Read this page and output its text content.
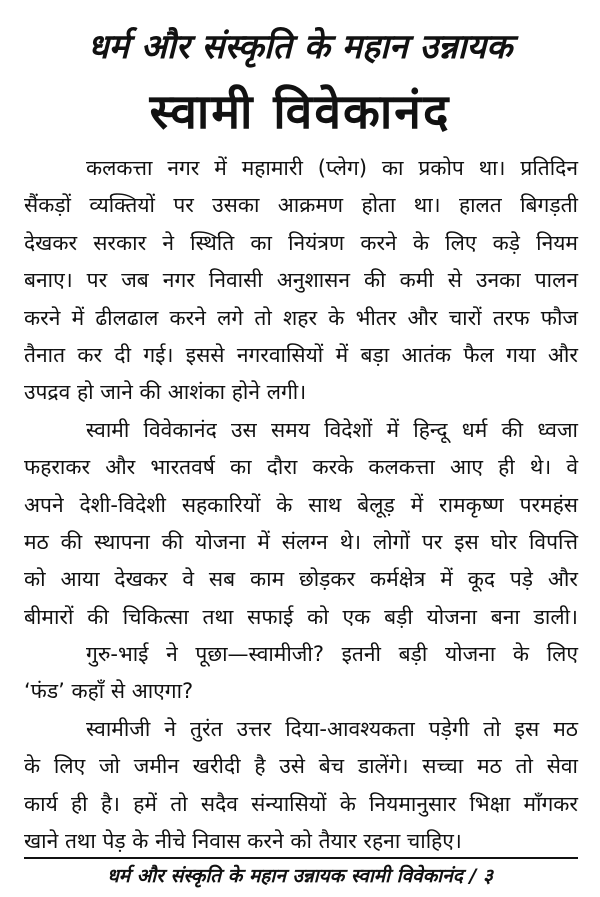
धर्म और संस्कृति के महान उन्नायक
स्वामी विवेकानंद
कलकत्ता नगर में महामारी (प्लेग) का प्रकोप था। प्रतिदिन
सैंकड़ों व्यक्तियों पर उसका आक्रमण होता था। हालत बिगड़ती
देखकर सरकार ने स्थिति का नियंत्रण करने के लिए कड़े नियम
बनाए। पर जब नगर निवासी अनुशासन की कमी से उनका पालन
करने में ढीलढाल करने लगे तो शहर के भीतर और चारों तरफ फौज
तैनात कर दी गई। इससे नगरवासियों में बड़ा आतंक फैल गया और
उपद्रव हो जाने की आशंका होने लगी।
स्वामी विवेकानंद उस समय विदेशों में हिन्दू धर्म की ध्वजा
फहराकर और भारतवर्ष का दौरा करके कलकत्ता आए ही थे। वे
अपने देशी-विदेशी सहकारियों के साथ बेलूड़ में रामकृष्ण परमहंस
मठ की स्थापना की योजना में संलग्न थे। लोगों पर इस घोर विपत्ति
को आया देखकर वे सब काम छोड़कर कर्मक्षेत्र में कूद पड़े और
बीमारों की चिकित्सा तथा सफाई को एक बड़ी योजना बना डाली।
गुरु-भाई ने पूछा—स्वामीजी? इतनी बड़ी योजना के लिए
‘फंड’ कहाँ से आएगा?
स्वामीजी ने तुरंत उत्तर दिया-आवश्यकता पड़ेगी तो इस मठ
के लिए जो जमीन खरीदी है उसे बेच डालेंगे। सच्चा मठ तो सेवा
कार्य ही है। हमें तो सदैव संन्यासियों के नियमानुसार भिक्षा माँगकर
खाने तथा पेड़ के नीचे निवास करने को तैयार रहना चाहिए।
धर्म और संस्कृति के महान उन्नायक स्वामी विवेकानंद / ३
